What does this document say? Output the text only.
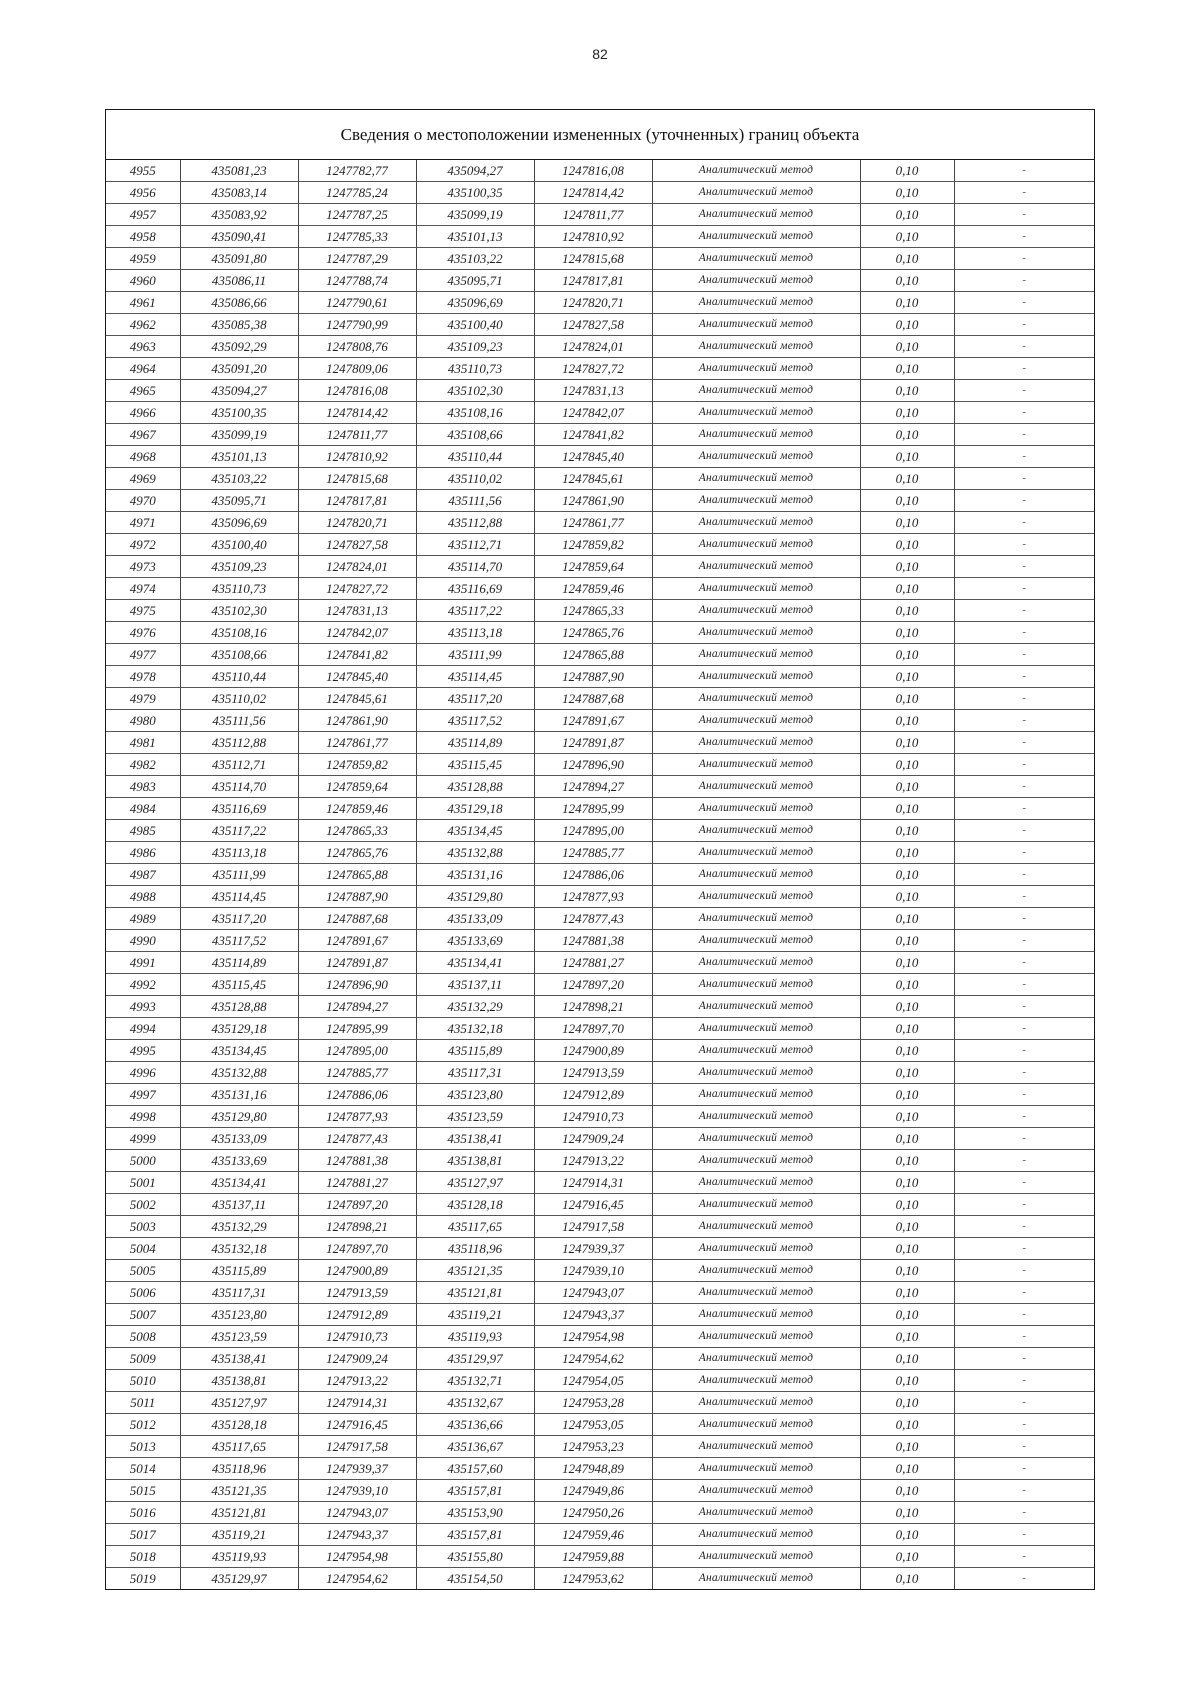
82
Сведения о местоположении измененных (уточненных) границ объекта
4955	435081,23	1247782,77	435094,27	1247816,08	Аналитический метод	0,10	-
4956	435083,14	1247785,24	435100,35	1247814,42	Аналитический метод	0,10	-
4957	435083,92	1247787,25	435099,19	1247811,77	Аналитический метод	0,10	-
4958	435090,41	1247785,33	435101,13	1247810,92	Аналитический метод	0,10	-
4959	435091,80	1247787,29	435103,22	1247815,68	Аналитический метод	0,10	-
4960	435086,11	1247788,74	435095,71	1247817,81	Аналитический метод	0,10	-
4961	435086,66	1247790,61	435096,69	1247820,71	Аналитический метод	0,10	-
4962	435085,38	1247790,99	435100,40	1247827,58	Аналитический метод	0,10	-
4963	435092,29	1247808,76	435109,23	1247824,01	Аналитический метод	0,10	-
4964	435091,20	1247809,06	435110,73	1247827,72	Аналитический метод	0,10	-
4965	435094,27	1247816,08	435102,30	1247831,13	Аналитический метод	0,10	-
4966	435100,35	1247814,42	435108,16	1247842,07	Аналитический метод	0,10	-
4967	435099,19	1247811,77	435108,66	1247841,82	Аналитический метод	0,10	-
4968	435101,13	1247810,92	435110,44	1247845,40	Аналитический метод	0,10	-
4969	435103,22	1247815,68	435110,02	1247845,61	Аналитический метод	0,10	-
4970	435095,71	1247817,81	435111,56	1247861,90	Аналитический метод	0,10	-
4971	435096,69	1247820,71	435112,88	1247861,77	Аналитический метод	0,10	-
4972	435100,40	1247827,58	435112,71	1247859,82	Аналитический метод	0,10	-
4973	435109,23	1247824,01	435114,70	1247859,64	Аналитический метод	0,10	-
4974	435110,73	1247827,72	435116,69	1247859,46	Аналитический метод	0,10	-
4975	435102,30	1247831,13	435117,22	1247865,33	Аналитический метод	0,10	-
4976	435108,16	1247842,07	435113,18	1247865,76	Аналитический метод	0,10	-
4977	435108,66	1247841,82	435111,99	1247865,88	Аналитический метод	0,10	-
4978	435110,44	1247845,40	435114,45	1247887,90	Аналитический метод	0,10	-
4979	435110,02	1247845,61	435117,20	1247887,68	Аналитический метод	0,10	-
4980	435111,56	1247861,90	435117,52	1247891,67	Аналитический метод	0,10	-
4981	435112,88	1247861,77	435114,89	1247891,87	Аналитический метод	0,10	-
4982	435112,71	1247859,82	435115,45	1247896,90	Аналитический метод	0,10	-
4983	435114,70	1247859,64	435128,88	1247894,27	Аналитический метод	0,10	-
4984	435116,69	1247859,46	435129,18	1247895,99	Аналитический метод	0,10	-
4985	435117,22	1247865,33	435134,45	1247895,00	Аналитический метод	0,10	-
4986	435113,18	1247865,76	435132,88	1247885,77	Аналитический метод	0,10	-
4987	435111,99	1247865,88	435131,16	1247886,06	Аналитический метод	0,10	-
4988	435114,45	1247887,90	435129,80	1247877,93	Аналитический метод	0,10	-
4989	435117,20	1247887,68	435133,09	1247877,43	Аналитический метод	0,10	-
4990	435117,52	1247891,67	435133,69	1247881,38	Аналитический метод	0,10	-
4991	435114,89	1247891,87	435134,41	1247881,27	Аналитический метод	0,10	-
4992	435115,45	1247896,90	435137,11	1247897,20	Аналитический метод	0,10	-
4993	435128,88	1247894,27	435132,29	1247898,21	Аналитический метод	0,10	-
4994	435129,18	1247895,99	435132,18	1247897,70	Аналитический метод	0,10	-
4995	435134,45	1247895,00	435115,89	1247900,89	Аналитический метод	0,10	-
4996	435132,88	1247885,77	435117,31	1247913,59	Аналитический метод	0,10	-
4997	435131,16	1247886,06	435123,80	1247912,89	Аналитический метод	0,10	-
4998	435129,80	1247877,93	435123,59	1247910,73	Аналитический метод	0,10	-
4999	435133,09	1247877,43	435138,41	1247909,24	Аналитический метод	0,10	-
5000	435133,69	1247881,38	435138,81	1247913,22	Аналитический метод	0,10	-
5001	435134,41	1247881,27	435127,97	1247914,31	Аналитический метод	0,10	-
5002	435137,11	1247897,20	435128,18	1247916,45	Аналитический метод	0,10	-
5003	435132,29	1247898,21	435117,65	1247917,58	Аналитический метод	0,10	-
5004	435132,18	1247897,70	435118,96	1247939,37	Аналитический метод	0,10	-
5005	435115,89	1247900,89	435121,35	1247939,10	Аналитический метод	0,10	-
5006	435117,31	1247913,59	435121,81	1247943,07	Аналитический метод	0,10	-
5007	435123,80	1247912,89	435119,21	1247943,37	Аналитический метод	0,10	-
5008	435123,59	1247910,73	435119,93	1247954,98	Аналитический метод	0,10	-
5009	435138,41	1247909,24	435129,97	1247954,62	Аналитический метод	0,10	-
5010	435138,81	1247913,22	435132,71	1247954,05	Аналитический метод	0,10	-
5011	435127,97	1247914,31	435132,67	1247953,28	Аналитический метод	0,10	-
5012	435128,18	1247916,45	435136,66	1247953,05	Аналитический метод	0,10	-
5013	435117,65	1247917,58	435136,67	1247953,23	Аналитический метод	0,10	-
5014	435118,96	1247939,37	435157,60	1247948,89	Аналитический метод	0,10	-
5015	435121,35	1247939,10	435157,81	1247949,86	Аналитический метод	0,10	-
5016	435121,81	1247943,07	435153,90	1247950,26	Аналитический метод	0,10	-
5017	435119,21	1247943,37	435157,81	1247959,46	Аналитический метод	0,10	-
5018	435119,93	1247954,98	435155,80	1247959,88	Аналитический метод	0,10	-
5019	435129,97	1247954,62	435154,50	1247953,62	Аналитический метод	0,10	-
